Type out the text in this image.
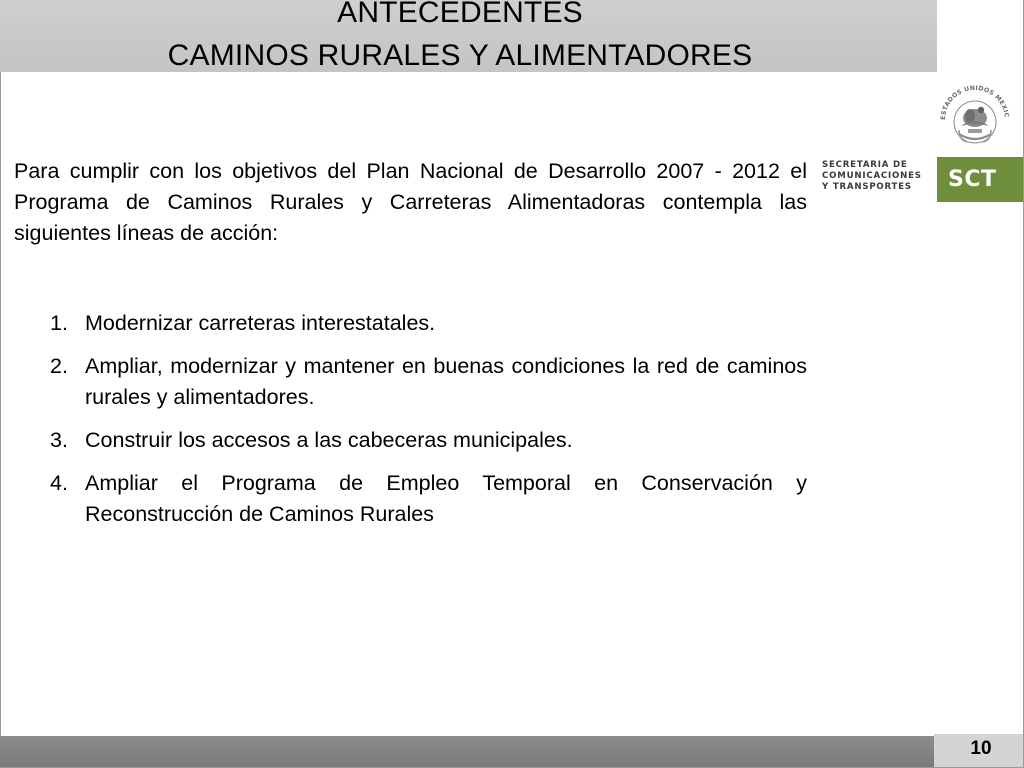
ANTECEDENTES
CAMINOS RURALES Y ALIMENTADORES
ESTADOS UNIDOS MEXIC
SECRETARIA DE
COMUNICACIONES
Y TRANSPORTES	SCT
Para cumplir con los objetivos del Plan Nacional de Desarrollo 2007 - 2012 el Programa de Caminos Rurales y Carreteras Alimentadoras contempla las siguientes líneas de acción:
1. Modernizar carreteras interestatales.
2. Ampliar, modernizar y mantener en buenas condiciones la red de caminos rurales y alimentadores.
3. Construir los accesos a las cabeceras municipales.
4. Ampliar el Programa de Empleo Temporal en Conservación y Reconstrucción de Caminos Rurales
10
